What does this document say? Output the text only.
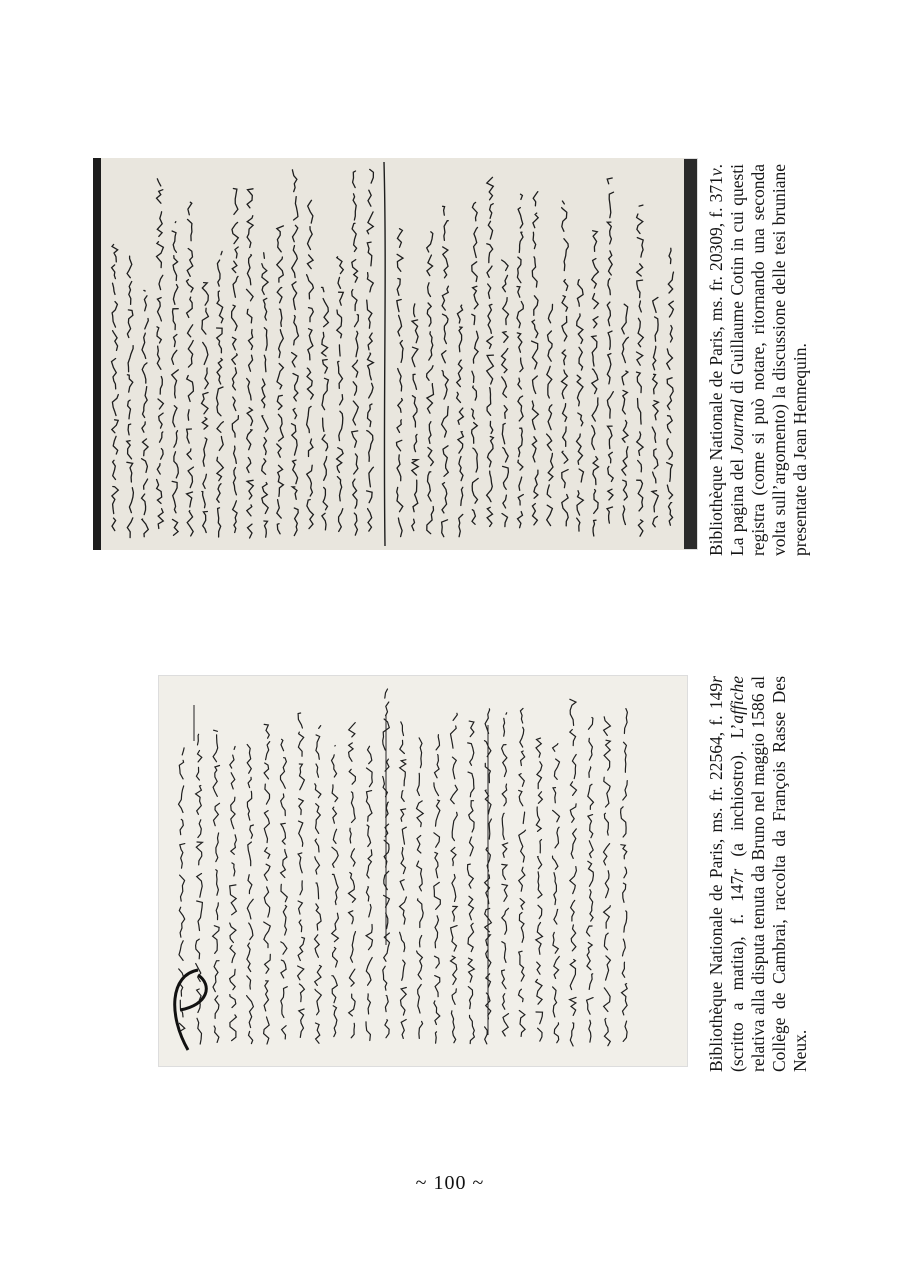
Bibliothèque Nationale de Paris, ms. fr. 20309, f. 371v. La pagina del Journal di Guillaume Cotin in cui questi registra (come si può notare, ritornando una seconda volta sull’argomento) la discussione delle tesi bruniane presentate da Jean Hennequin.

Bibliothèque Nationale de Paris, ms. fr. 22564, f. 149r (scritto a matita), f. 147r (a inchiostro). L’affiche relativa alla disputa tenuta da Bruno nel maggio 1586 al Collège de Cambrai, raccolta da François Rasse Des Neux.

~ 100 ~
